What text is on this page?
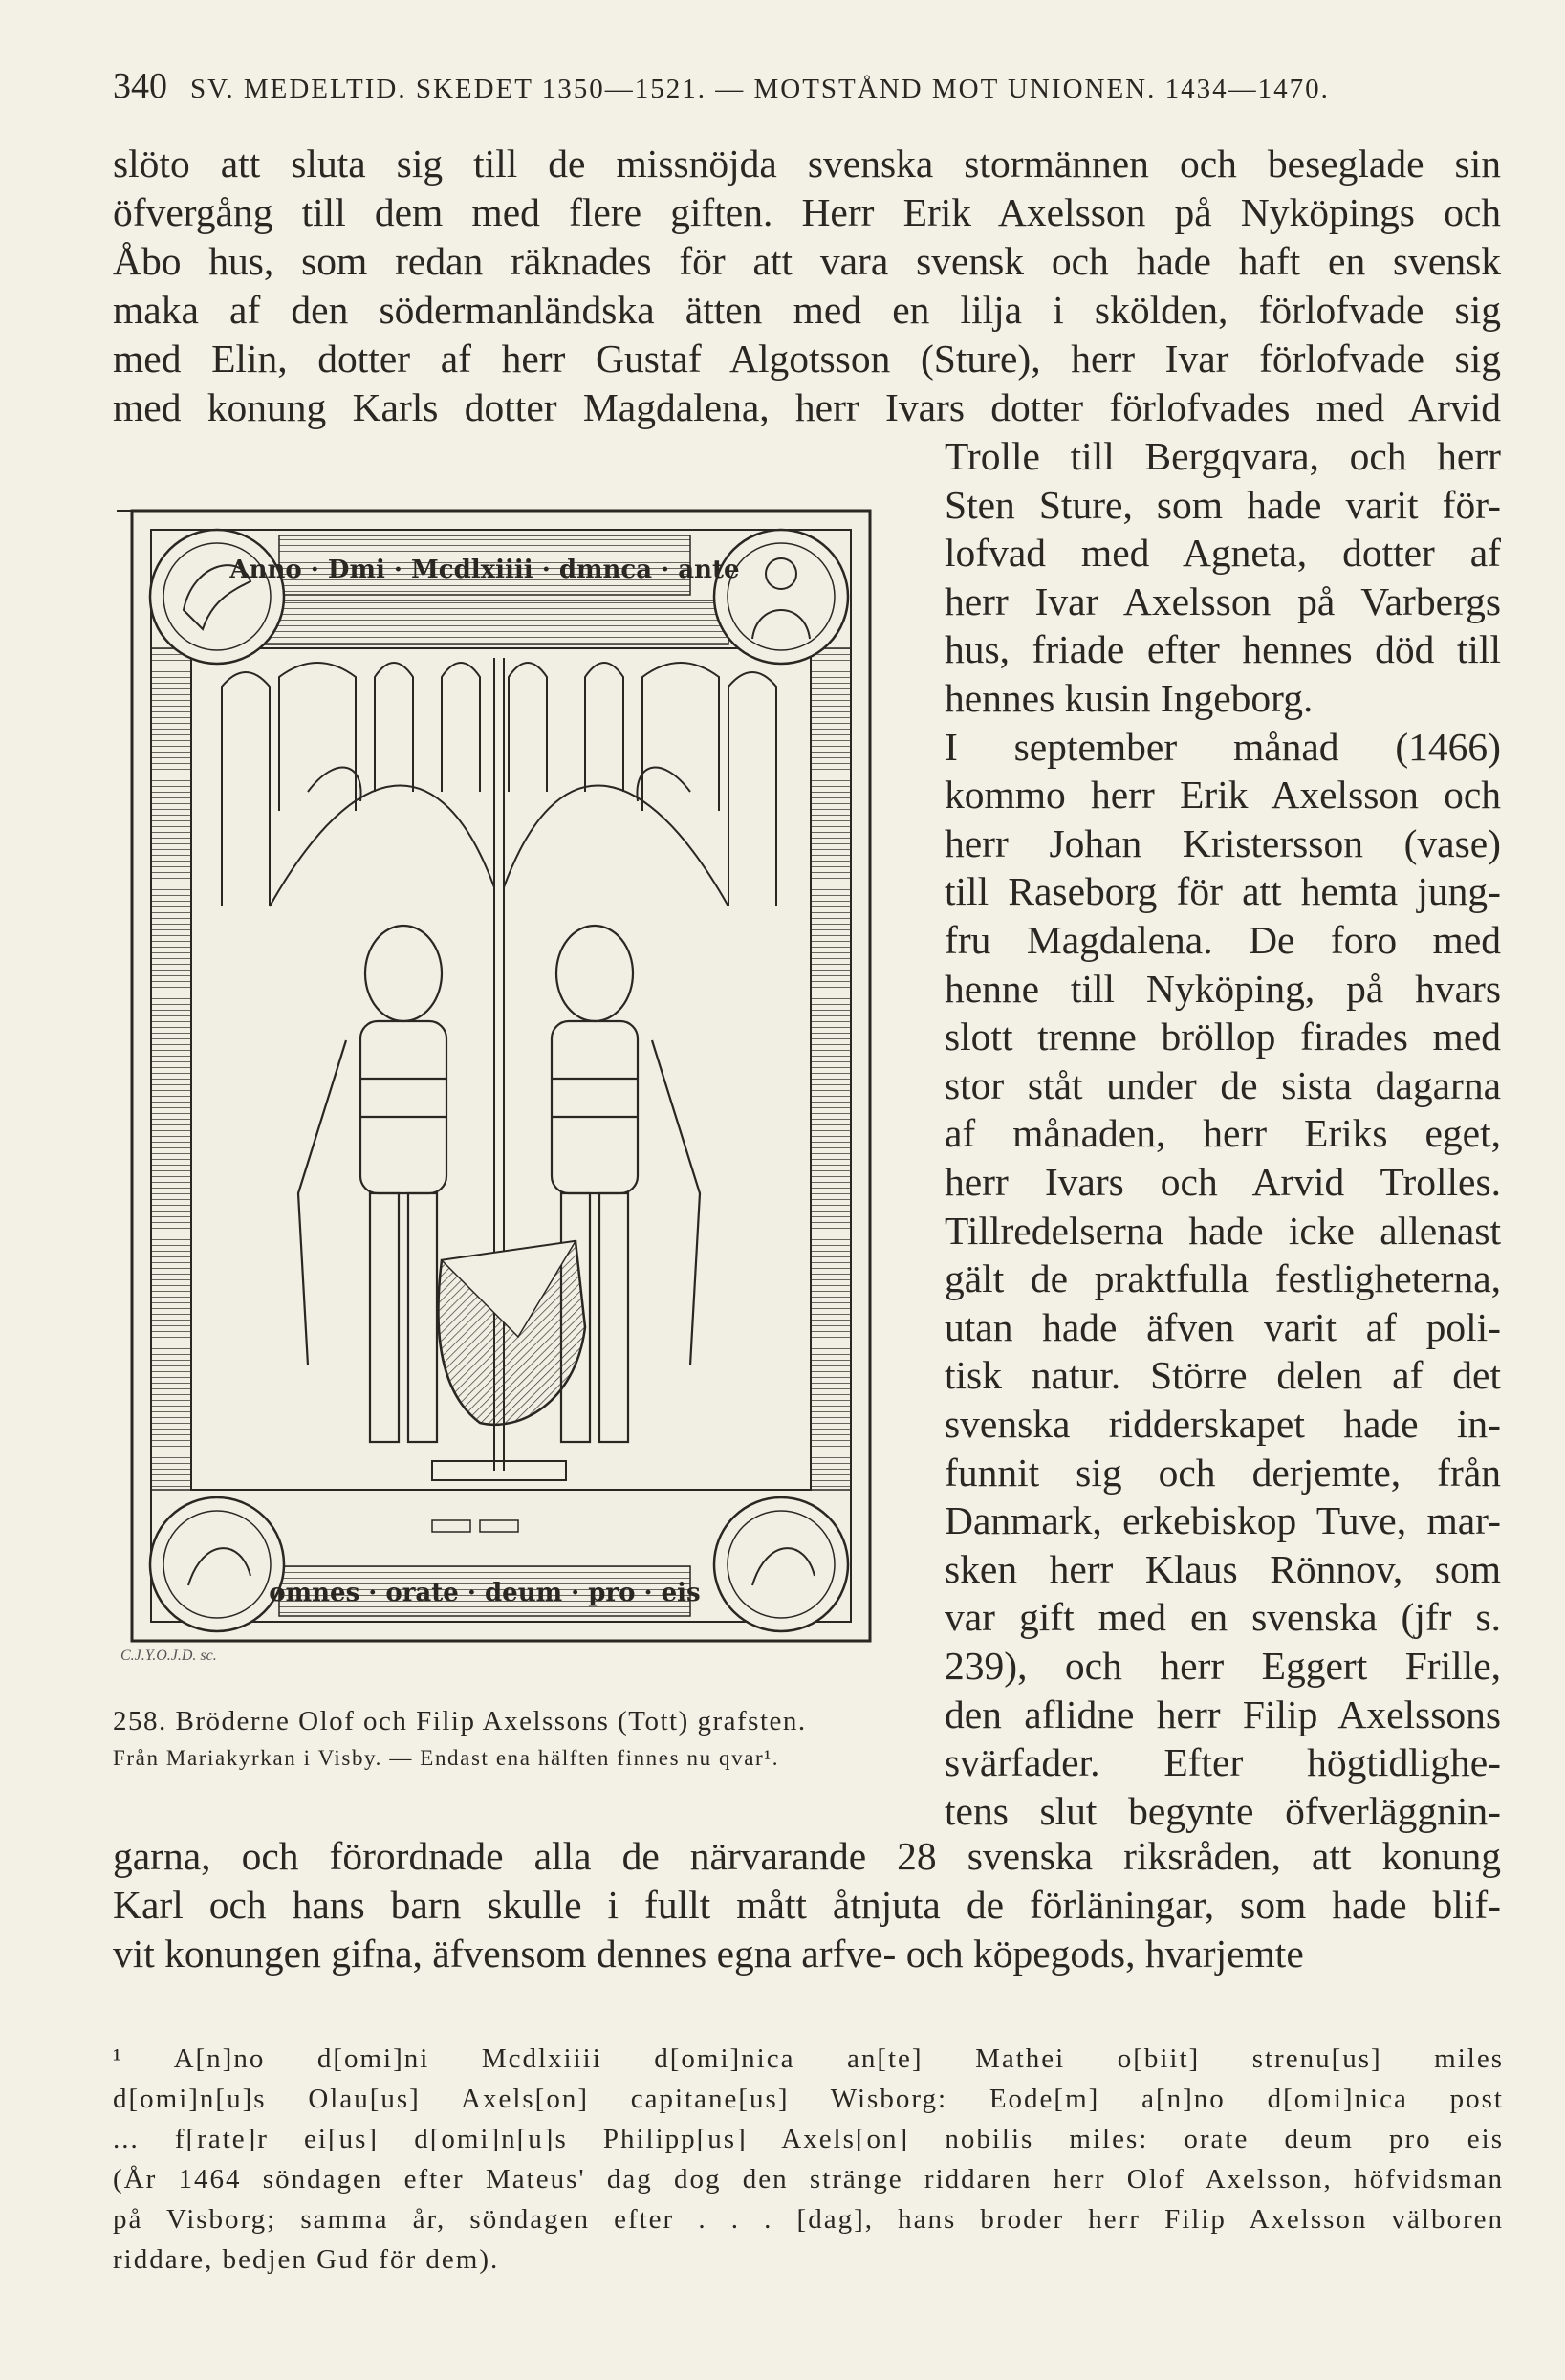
340 SV. MEDELTID. SKEDET 1350—1521. — MOTSTÅND MOT UNIONEN. 1434—1470.
slöto att sluta sig till de missnöjda svenska stormännen och beseglade sin
öfvergång till dem med flere giften. Herr Erik Axelsson på Nyköpings och
Åbo hus, som redan räknades för att vara svensk och hade haft en svensk
maka af den södermanländska ätten med en lilja i skölden, förlofvade sig
med Elin, dotter af herr Gustaf Algotsson (Sture), herr Ivar förlofvade sig
med konung Karls dotter Magdalena, herr Ivars dotter förlofvades med Arvid
Trolle till Bergqvara, och herr
Sten Sture, som hade varit för-
lofvad med Agneta, dotter af
herr Ivar Axelsson på Varbergs
hus, friade efter hennes död till
hennes kusin Ingeborg.
I september månad (1466)
kommo herr Erik Axelsson och
herr Johan Kristersson (vase)
till Raseborg för att hemta jung-
fru Magdalena. De foro med
henne till Nyköping, på hvars
slott trenne bröllop firades med
stor ståt under de sista dagarna
af månaden, herr Eriks eget,
herr Ivars och Arvid Trolles.
Tillredelserna hade icke allenast
gält de praktfulla festligheterna,
utan hade äfven varit af poli-
tisk natur. Större delen af det
svenska ridderskapet hade in-
funnit sig och derjemte, från
Danmark, erkebiskop Tuve, mar-
sken herr Klaus Rönnov, som
var gift med en svenska (jfr s.
239), och herr Eggert Frille,
den aflidne herr Filip Axelssons
svärfader. Efter högtidlighe-
tens slut begynte öfverläggnin-
garna, och förordnade alla de närvarande 28 svenska riksråden, att konung
Karl och hans barn skulle i fullt mått åtnjuta de förläningar, som hade blif-
vit konungen gifna, äfvensom dennes egna arfve- och köpegods, hvarjemte
Anno · Dmi · Mcdlxiiii · dmnca · ante
omnes · orate · deum · pro · eis
C.J.Y.O.J.D. sc.
258. Bröderne Olof och Filip Axelssons (Tott) grafsten.
Från Mariakyrkan i Visby. — Endast ena hälften finnes nu qvar¹.
¹ A[n]no d[omi]ni Mcdlxiiii d[omi]nica an[te] Mathei o[biit] strenu[us] miles
d[omi]n[u]s Olau[us] Axels[on] capitane[us] Wisborg: Eode[m] a[n]no d[omi]nica post
... f[rate]r ei[us] d[omi]n[u]s Philipp[us] Axels[on] nobilis miles: orate deum pro eis
(År 1464 söndagen efter Mateus' dag dog den stränge riddaren herr Olof Axelsson, höfvidsman
på Visborg; samma år, söndagen efter . . . [dag], hans broder herr Filip Axelsson välboren
riddare, bedjen Gud för dem).
